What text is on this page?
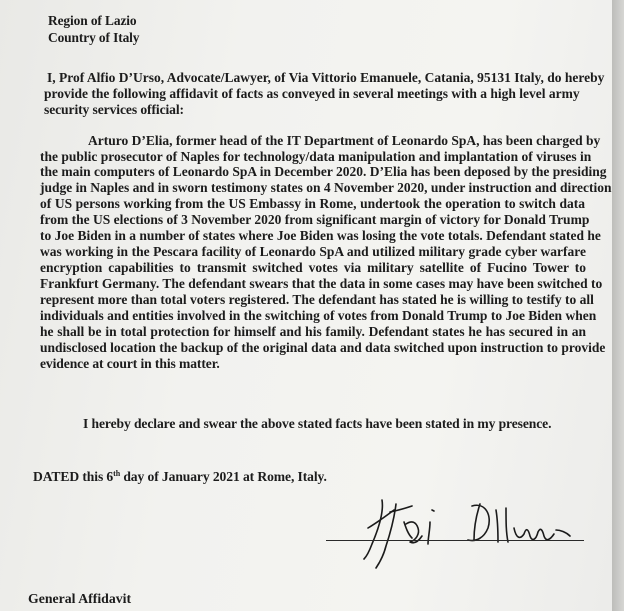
Region of Lazio
Country of Italy
I, Prof Alfio D’Urso, Advocate/Lawyer, of Via Vittorio Emanuele, Catania, 95131 Italy, do hereby
provide the following affidavit of facts as conveyed in several meetings with a high level army
security services official:
Arturo D’Elia, former head of the IT Department of Leonardo SpA, has been charged by
the public prosecutor of Naples for technology/data manipulation and implantation of viruses in
the main computers of Leonardo SpA in December 2020. D’Elia has been deposed by the presiding
judge in Naples and in sworn testimony states on 4 November 2020, under instruction and direction
of US persons working from the US Embassy in Rome, undertook the operation to switch data
from the US elections of 3 November 2020 from significant margin of victory for Donald Trump
to Joe Biden in a number of states where Joe Biden was losing the vote totals. Defendant stated he
was working in the Pescara facility of Leonardo SpA and utilized military grade cyber warfare
encryption capabilities to transmit switched votes via military satellite of Fucino Tower to
Frankfurt Germany. The defendant swears that the data in some cases may have been switched to
represent more than total voters registered. The defendant has stated he is willing to testify to all
individuals and entities involved in the switching of votes from Donald Trump to Joe Biden when
he shall be in total protection for himself and his family. Defendant states he has secured in an
undisclosed location the backup of the original data and data switched upon instruction to provide
evidence at court in this matter.
I hereby declare and swear the above stated facts have been stated in my presence.
DATED this 6th day of January 2021 at Rome, Italy.
General Affidavit
